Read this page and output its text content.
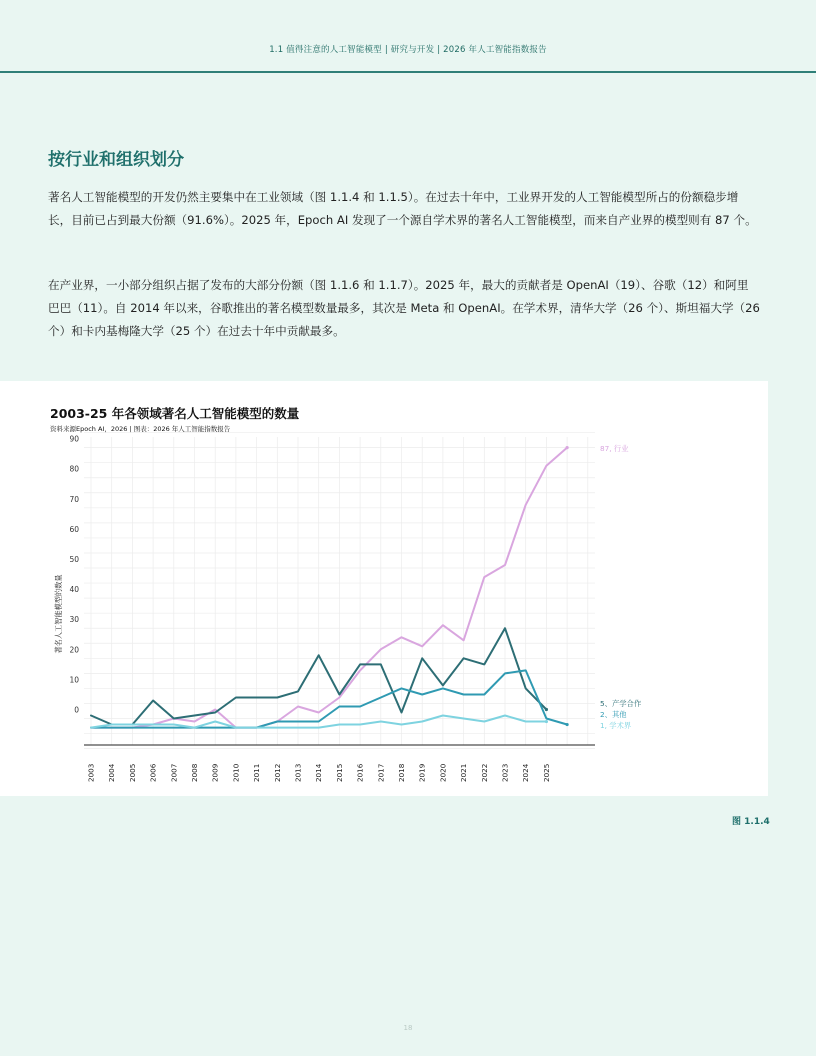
1.1 值得注意的人工智能模型 | 研究与开发 | 2026 年人工智能指数报告
按行业和组织划分

著名人工智能模型的开发仍然主要集中在工业领域（图 1.1.4 和 1.1.5）。在过去十年中，工业界开发的人工智能模型所占的份额稳步增长，目前已占到最大份额（91.6%）。2025 年，Epoch AI 发现了一个源自学术界的著名人工智能模型，而来自产业界的模型则有 87 个。

在产业界，一小部分组织占据了发布的大部分份额（图 1.1.6 和 1.1.7）。2025 年，最大的贡献者是 OpenAI（19）、谷歌（12）和阿里巴巴（11）。自 2014 年以来，谷歌推出的著名模型数量最多，其次是 Meta 和 OpenAI。在学术界，清华大学（26 个）、斯坦福大学（26 个）和卡内基梅隆大学（25 个）在过去十年中贡献最多。

2003-25 年各领域著名人工智能模型的数量
资料来源Epoch AI，2026 | 图表：2026 年人工智能指数报告
0
10
20
30
40
50
60
70
80
90
2003 2004 2005 2006 2007 2008 2009 2010 2011 2012 2013 2014 2015 2016 2017 2018 2019 2020 2021 2022 2023 2024 2025
著名人工智能模型的数量
87, 行业
5、产学合作
2、其他
1, 学术界
图 1.1.4
18
